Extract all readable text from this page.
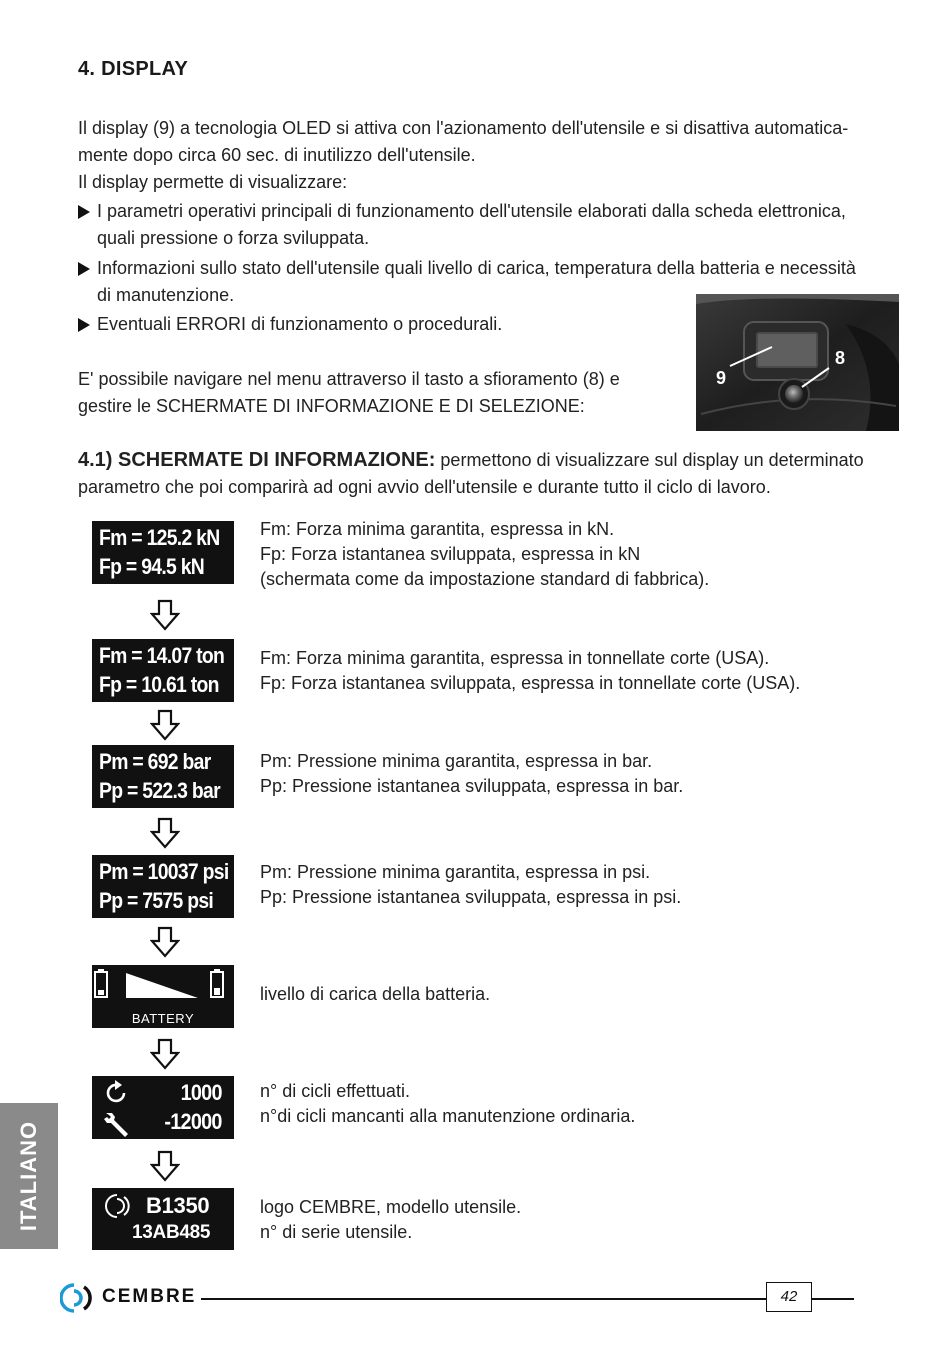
4. DISPLAY
Il display (9) a tecnologia OLED si attiva con l'azionamento dell'utensile e si disattiva automatica-
mente dopo circa 60 sec. di inutilizzo dell'utensile.
Il display permette di visualizzare:
I parametri operativi principali di funzionamento dell'utensile elaborati dalla scheda elettronica,
quali pressione o forza sviluppata.
Informazioni sullo stato dell'utensile quali livello di carica, temperatura della batteria e necessità
di manutenzione.
Eventuali ERRORI di funzionamento o procedurali.
E' possibile navigare nel menu attraverso il tasto a sfioramento (8) e
gestire le SCHERMATE DI INFORMAZIONE E DI SELEZIONE:
9
8
4.1) SCHERMATE DI INFORMAZIONE: permettono di visualizzare sul display un determinato
parametro che poi comparirà ad ogni avvio dell'utensile e durante tutto il ciclo di lavoro.
Fm = 125.2 kN
Fp = 94.5 kN
Fm: Forza minima garantita, espressa in kN.
Fp: Forza istantanea sviluppata, espressa in kN
(schermata come da impostazione standard di fabbrica).
Fm = 14.07 ton
Fp = 10.61 ton
Fm: Forza minima garantita, espressa in tonnellate corte (USA).
Fp: Forza istantanea sviluppata, espressa in tonnellate corte (USA).
Pm = 692 bar
Pp = 522.3 bar
Pm: Pressione minima garantita, espressa in bar.
Pp: Pressione istantanea sviluppata, espressa in bar.
Pm = 10037 psi
Pp = 7575 psi
Pm: Pressione minima garantita, espressa in psi.
Pp: Pressione istantanea sviluppata, espressa in psi.
BATTERY
livello di carica della batteria.
1000
-12000
n° di cicli effettuati.
n°di cicli mancanti alla manutenzione ordinaria.
B1350
13AB485
logo CEMBRE, modello utensile.
n° di serie utensile.
ITALIANO
CEMBRE	42
